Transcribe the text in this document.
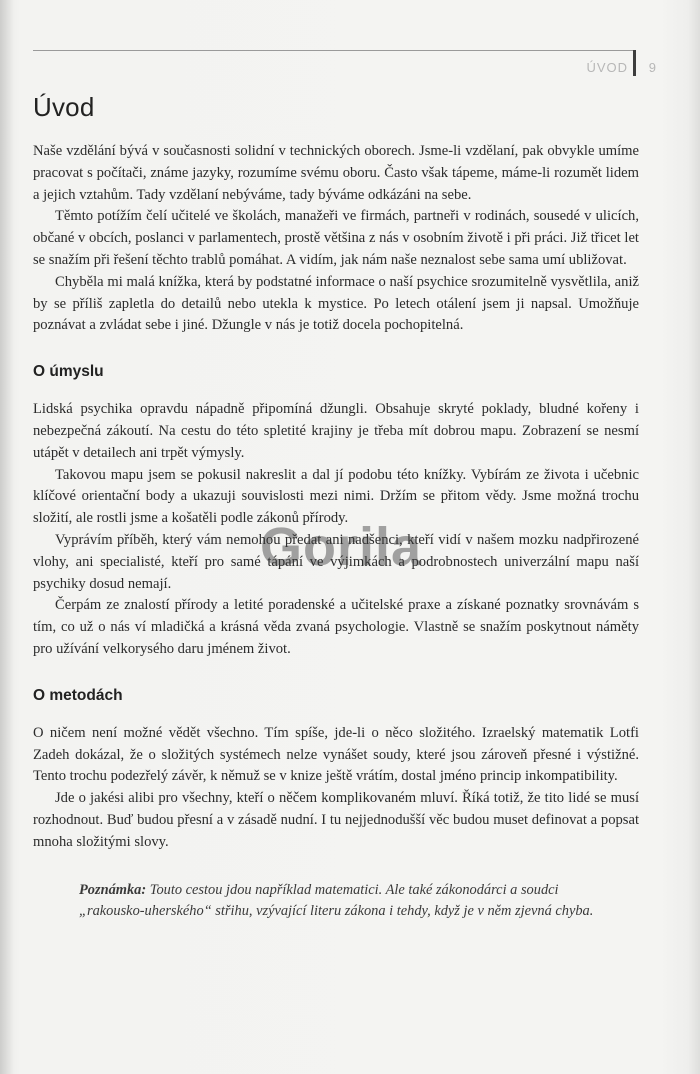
ÚVOD 9
Úvod

Naše vzdělání bývá v současnosti solidní v technických oborech. Jsme-li vzdělaní, pak obvykle umíme pracovat s počítači, známe jazyky, rozumíme svému oboru. Často však tápeme, máme-li rozumět lidem a jejich vztahům. Tady vzdělaní nebýváme, tady býváme odkázáni na sebe.

Těmto potížím čelí učitelé ve školách, manažeři ve firmách, partneři v rodinách, sousedé v ulicích, občané v obcích, poslanci v parlamentech, prostě většina z nás v osobním životě i při práci. Již třicet let se snažím při řešení těchto trablů pomáhat. A vidím, jak nám naše neznalost sebe sama umí ubližovat.

Chyběla mi malá knížka, která by podstatné informace o naší psychice srozumitelně vysvětlila, aniž by se příliš zapletla do detailů nebo utekla k mystice. Po letech otálení jsem ji napsal. Umožňuje poznávat a zvládat sebe i jiné. Džungle v nás je totiž docela pochopitelná.

O úmyslu

Lidská psychika opravdu nápadně připomíná džungli. Obsahuje skryté poklady, bludné kořeny i nebezpečná zákoutí. Na cestu do této spletité krajiny je třeba mít dobrou mapu. Zobrazení se nesmí utápět v detailech ani trpět výmysly.

Takovou mapu jsem se pokusil nakreslit a dal jí podobu této knížky. Vybírám ze života i učebnic klíčové orientační body a ukazuji souvislosti mezi nimi. Držím se přitom vědy. Jsme možná trochu složití, ale rostli jsme a košatěli podle zákonů přírody.

Vyprávím příběh, který vám nemohou předat ani nadšenci, kteří vidí v našem mozku nadpřirozené vlohy, ani specialisté, kteří pro samé tápání ve výjimkách a podrobnostech univerzální mapu naší psychiky dosud nemají.

Čerpám ze znalostí přírody a letité poradenské a učitelské praxe a získané poznatky srovnávám s tím, co už o nás ví mladičká a krásná věda zvaná psychologie. Vlastně se snažím poskytnout náměty pro užívání velkorysého daru jménem život.

O metodách

O ničem není možné vědět všechno. Tím spíše, jde-li o něco složitého. Izraelský matematik Lotfi Zadeh dokázal, že o složitých systémech nelze vynášet soudy, které jsou zároveň přesné i výstižné. Tento trochu podezřelý závěr, k němuž se v knize ještě vrátím, dostal jméno princip inkompatibility.

Jde o jakési alibi pro všechny, kteří o něčem komplikovaném mluví. Říká totiž, že tito lidé se musí rozhodnout. Buď budou přesní a v zásadě nudní. I tu nejjednodušší věc budou muset definovat a popsat mnoha složitými slovy.

Poznámka: Touto cestou jdou například matematici. Ale také zákonodárci a soudci „rakousko-uherského“ střihu, vzývající literu zákona i tehdy, když je v něm zjevná chyba.
Gorila
